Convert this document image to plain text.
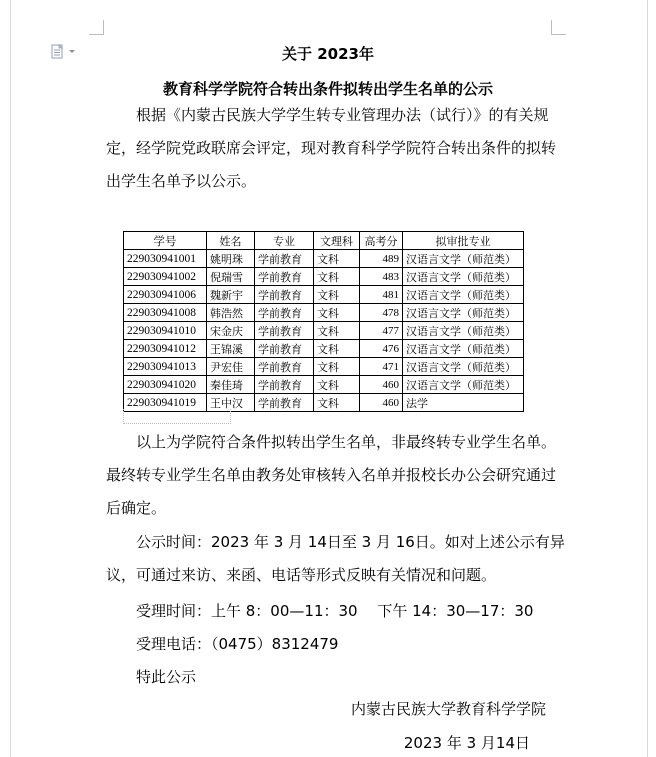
关于 2023年
教育科学学院符合转出条件拟转出学生名单的公示
根据《内蒙古民族大学学生转专业管理办法（试行）》的有关规定，经学院党政联席会评定，现对教育科学学院符合转出条件的拟转出学生名单予以公示。
学号	姓名	专业	文理科	高考分	拟审批专业
229030941001	姚明珠	学前教育	文科	489	汉语言文学（师范类）
229030941002	倪瑞雪	学前教育	文科	483	汉语言文学（师范类）
229030941006	魏新宇	学前教育	文科	481	汉语言文学（师范类）
229030941008	韩浩然	学前教育	文科	478	汉语言文学（师范类）
229030941010	宋金庆	学前教育	文科	477	汉语言文学（师范类）
229030941012	王锦溪	学前教育	文科	476	汉语言文学（师范类）
229030941013	尹宏佳	学前教育	文科	471	汉语言文学（师范类）
229030941020	秦佳琦	学前教育	文科	460	汉语言文学（师范类）
229030941019	王中汉	学前教育	文科	460	法学
以上为学院符合条件拟转出学生名单，非最终转专业学生名单。最终转专业学生名单由教务处审核转入名单并报校长办公会研究通过后确定。
公示时间：2023 年 3 月 14日至 3 月 16日。如对上述公示有异议，可通过来访、来函、电话等形式反映有关情况和问题。
受理时间：上午 8：00—11：30　 下午 14：30—17：30
受理电话：（0475）8312479
特此公示
内蒙古民族大学教育科学学院
2023 年 3 月14日
